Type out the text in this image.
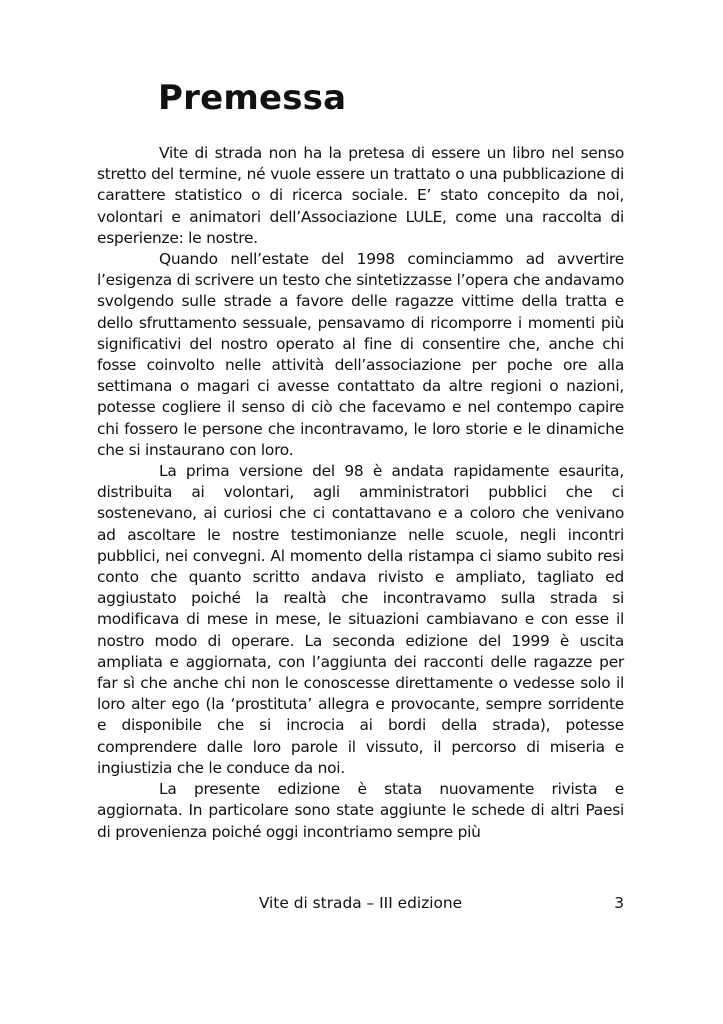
Premessa

Vite di strada non ha la pretesa di essere un libro nel senso stretto del termine, né vuole essere un trattato o una pubblicazione di carattere statistico o di ricerca sociale. E’ stato concepito da noi, volontari e animatori dell’Associazione LULE, come una raccolta di esperienze: le nostre.

Quando nell’estate del 1998 cominciammo ad avvertire l’esigenza di scrivere un testo che sintetizzasse l’opera che andavamo svolgendo sulle strade a favore delle ragazze vittime della tratta e dello sfruttamento sessuale, pensavamo di ricomporre i momenti più significativi del nostro operato al fine di consentire che, anche chi fosse coinvolto nelle attività dell’associazione per poche ore alla settimana o magari ci avesse contattato da altre regioni o nazioni, potesse cogliere il senso di ciò che facevamo e nel contempo capire chi fossero le persone che incontravamo, le loro storie e le dinamiche che si instaurano con loro.

La prima versione del 98 è andata rapidamente esaurita, distribuita ai volontari, agli amministratori pubblici che ci sostenevano, ai curiosi che ci contattavano e a coloro che venivano ad ascoltare le nostre testimonianze nelle scuole, negli incontri pubblici, nei convegni. Al momento della ristampa ci siamo subito resi conto che quanto scritto andava rivisto e ampliato, tagliato ed aggiustato poiché la realtà che incontravamo sulla strada si modificava di mese in mese, le situazioni cambiavano e con esse il nostro modo di operare. La seconda edizione del 1999 è uscita ampliata e aggiornata, con l’aggiunta dei racconti delle ragazze per far sì che anche chi non le conoscesse direttamente o vedesse solo il loro alter ego (la ‘prostituta’ allegra e provocante, sempre sorridente e disponibile che si incrocia ai bordi della strada), potesse comprendere dalle loro parole il vissuto, il percorso di miseria e ingiustizia che le conduce da noi.

La presente edizione è stata nuovamente rivista e aggiornata. In particolare sono state aggiunte le schede di altri Paesi di provenienza poiché oggi incontriamo sempre più

Vite di strada – III edizione	3
